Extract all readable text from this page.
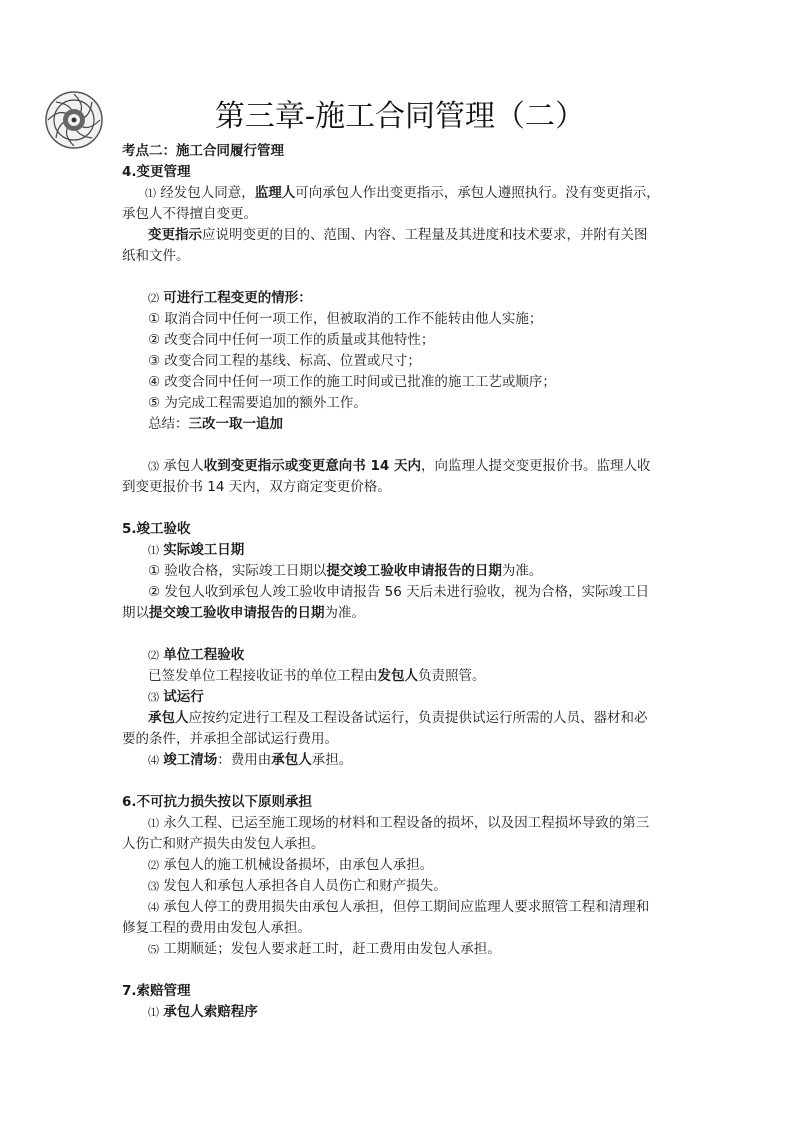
第三章-施工合同管理（二）
考点二：施工合同履行管理
4.变更管理
⑴ 经发包人同意，监理人可向承包人作出变更指示，承包人遵照执行。没有变更指示，
承包人不得擅自变更。
变更指示应说明变更的目的、范围、内容、工程量及其进度和技术要求，并附有关图
纸和文件。
⑵ 可进行工程变更的情形：
① 取消合同中任何一项工作，但被取消的工作不能转由他人实施；
② 改变合同中任何一项工作的质量或其他特性；
③ 改变合同工程的基线、标高、位置或尺寸；
④ 改变合同中任何一项工作的施工时间或已批准的施工工艺或顺序；
⑤ 为完成工程需要追加的额外工作。
总结：三改一取一追加
⑶ 承包人收到变更指示或变更意向书 14 天内，向监理人提交变更报价书。监理人收
到变更报价书 14 天内，双方商定变更价格。
5.竣工验收
⑴ 实际竣工日期
① 验收合格，实际竣工日期以提交竣工验收申请报告的日期为准。
② 发包人收到承包人竣工验收申请报告 56 天后未进行验收，视为合格，实际竣工日
期以提交竣工验收申请报告的日期为准。
⑵ 单位工程验收
已签发单位工程接收证书的单位工程由发包人负责照管。
⑶ 试运行
承包人应按约定进行工程及工程设备试运行，负责提供试运行所需的人员、器材和必
要的条件，并承担全部试运行费用。
⑷ 竣工清场：费用由承包人承担。
6.不可抗力损失按以下原则承担
⑴ 永久工程、已运至施工现场的材料和工程设备的损坏，以及因工程损坏导致的第三
人伤亡和财产损失由发包人承担。
⑵ 承包人的施工机械设备损坏，由承包人承担。
⑶ 发包人和承包人承担各自人员伤亡和财产损失。
⑷ 承包人停工的费用损失由承包人承担，但停工期间应监理人要求照管工程和清理和
修复工程的费用由发包人承担。
⑸ 工期顺延；发包人要求赶工时，赶工费用由发包人承担。
7.索赔管理
⑴ 承包人索赔程序
